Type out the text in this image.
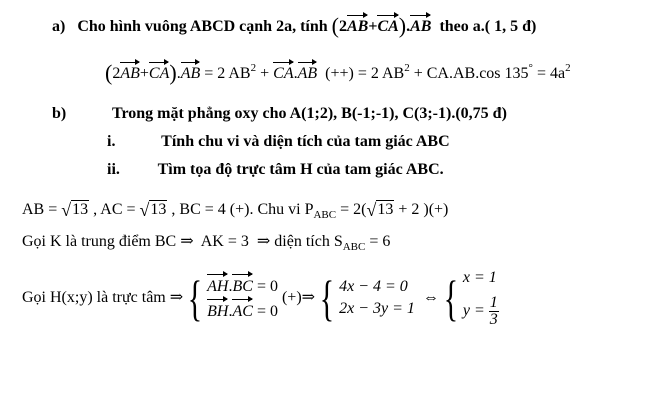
a) Cho hình vuông ABCD cạnh 2a, tính (2AB+CA).AB theo a.( 1, 5 đ)
(2AB+CA).AB = 2 $AB^2 + CA.AB$ (++) = 2 $AB^2 + CA.AB.\cos$ $135^\circ = 4a^2$
b)	Trong mặt phẳng oxy cho A(1;2), B(-1;-1), C(3;-1).(0,75 đ)
i.	Tính chu vi và diện tích của tam giác ABC
ii. Tìm tọa độ trực tâm H của tam giác ABC.
AB = √13 , AC = √13 , BC = 4 (+). Chu vi $P_{ABC} = 2(√13 + 2$ )(+)
Gọi K là trung điểm BC ⇒ AK = 3 ⇒ diện tích $S_{ABC} = 6$
Gọi H(x;y) là trực tâm
⇒ { AH.BC = 0
BH.AC = 0

(+) ⇒ { 4x − 4 = 0
2x − 3y = 1

⇔ { x = 1
$y = \frac{1}{3}$
